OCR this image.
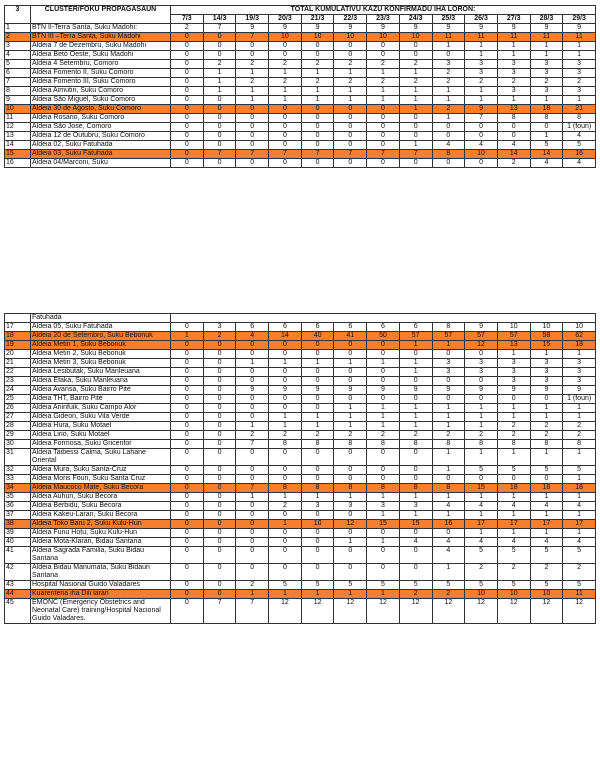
3	CLUSTER/FOKU PROPAGASAUN	TOTAL KUMULATIVU KAZU KONFIRMADU IHA LORON:												
		7/3	14/3	19/3	20/3	21/3	22/3	23/3	24/3	25/3	26/3	27/3	28/3	29/3
1	BTN II-Terra Santa, Suku Madohi:	2	7	9	9	9	9	9	9	9	9	9	9	9
2	BTN III –Terra Santa, Suku Madohi	0	0	7	10	10	10	10	10	11	11	11	11	11
3	Aldeia 7 de Dezembru, Suku Madohi	0	0	0	0	0	0	0	0	1	1	1	1	1
4	Aldeia Betó Oeste, Suku Madohi	0	0	0	0	0	0	0	0	0	1	1	1	1
5	Aldeia 4 Setembru, Comoro	0	2	2	2	2	2	2	2	3	3	3	3	3
6	Aldeia Fomento II, Suku Comoro	0	1	1	1	1	1	1	1	2	3	3	3	3
7	Aldeia Fomento III, Suku Comoro	0	1	2	2	2	2	2	2	2	2	2	2	2
8	Aldeia Aimutin, Suku Comoro	0	1	1	1	1	1	1	1	1	1	3	3	3
9	Aldeia São Miguel, Suku Comoro	0	0	1	1	1	1	1	1	1	1	1	1	1
10	Aldeia 30 de Agosto, Suku Comoro	0	0	0	0	0	0	0	1	2	9	13	18	21
11	Aldeia Rosario, Suku Comoro	0	0	0	0	0	0	0	0	1	7	8	8	8
12	Aldeia São José, Comoro	0	0	0	0	0	0	0	0	0	0	0	0	1 (foun)
13	Aldeia 12 de Outubru, Suku Comoro	0	0	0	0	0	0	0	0	0	0	0	1	4
14	Aldeia 02, Suku Fatuhada	0	0	0	0	0	0	0	1	4	4	4	5	5
15	Aldeia 03, Suku Fatuhada	0	7	7	7	7	7	7	7	8	10	14	14	16
16	Aldeia 04/Marconi, Suku	0	0	0	0	0	0	0	0	0	0	2	4	4
	Fatuhada													
17	Aldeia 05, Suku Fatuhada	0	3	6	6	6	6	6	6	8	9	10	10	10
18	Aldeia 20 de Setembro, Suku Bebonuk	1	2	4	14	40	41	50	57	57	57	57	58	62
19	Aldeia Metin 1, Suku Bebonuk	0	0	0	0	0	0	0	1	1	12	13	15	18
20	Aldeia Metin 2, Suku Bebonuk	0	0	0	0	0	0	0	0	0	0	1	1	1
21	Aldeia Metin 3, Suku Bebonuk	0	0	1	1	1	1	1	1	3	3	3	3	3
22	Aldeia Lesibutak, Suku Manleuana	0	0	0	0	0	0	0	1	3	3	3	3	3
23	Aldeia Efaka, Suku Manleuana	0	0	0	0	0	0	0	0	0	0	3	3	3
24	Aldeia Avansa, Suku Bairro Pité	0	0	9	9	9	9	9	9	9	9	9	9	9
25	Aldeia THT, Bairro Pité	0	0	0	0	0	0	0	0	0	0	0	0	1 (foun)
26	Aldeia Aninfuik, Suku Campo Alor	0	0	0	0	0	1	1	1	1	1	1	1	1
27	Aldeia Gideon, Suku Vila Verde	0	0	0	1	1	1	1	1	1	1	1	1	1
28	Aldeia Hura, Suku Motael	0	0	1	1	1	1	1	1	1	1	2	2	2
29	Aldeia Lirio, Suku Motael	0	0	2	2	2	2	2	2	2	2	2	2	2
30	Aldeia Formosa, Suku Gricenfor	0	0	7	8	8	8	8	8	8	8	8	8	8
31	Aldeia Taibessi Calma, Suku Lahane Oriental	0	0	0	0	0	0	0	0	1	1	1	1	1
32	Aldeia Mura, Suku Santa-Cruz	0	0	0	0	0	0	0	0	1	5	5	5	5
33	Aldeia Moris Foun, Suku Santa Cruz	0	0	0	0	0	0	0	0	0	0	0	0	1
34	Aldeia Maucoco Mate, Suku Becora	0	0	7	8	8	8	8	8	8	15	18	18	18
35	Aldeia Auhun, Suku Becora	0	0	1	1	1	1	1	1	1	1	1	1	1
36	Aldeia Berbidu, Suku Becora	0	0	0	2	3	3	3	3	4	4	4	4	4
37	Aldeia Kakeu-Laran, Suku Becora	0	0	0	0	0	0	1	1	1	1	1	1	1
38	Aldeia Toko Baru 2, Suku Kulu-Hun	0	0	0	1	10	12	15	15	16	17	17	17	17
39	Aldeia Funu Hotu, Suku Kulu-Hun	0	0	0	0	0	0	0	0	0	1	1	1	1
40	Aldeia Mota-Klaran, Bidau Santana	0	0	0	0	0	1	1	4	4	4	4	4	4
41	Aldeia Sagrada Familia, Suku Bidau Santana	0	0	0	0	0	0	0	0	4	5	5	5	5
42	Aldeia Bidau Manumata, Suku Bidaun Santana	0	0	0	0	0	0	0	0	1	2	2	2	2
43	Hospital Nasional Guido Valadares	0	0	2	5	5	5	5	5	5	5	5	5	5
44	Kuarentena iha Dili laran	0	0	1	1	1	1	1	2	2	10	10	10	11
45	EMONC (Emergency Obstetrics and Neonatal Care) training/Hospital Nacional Guido Valadares.	0	7	7	12	12	12	12	12	12	12	12	12	12
